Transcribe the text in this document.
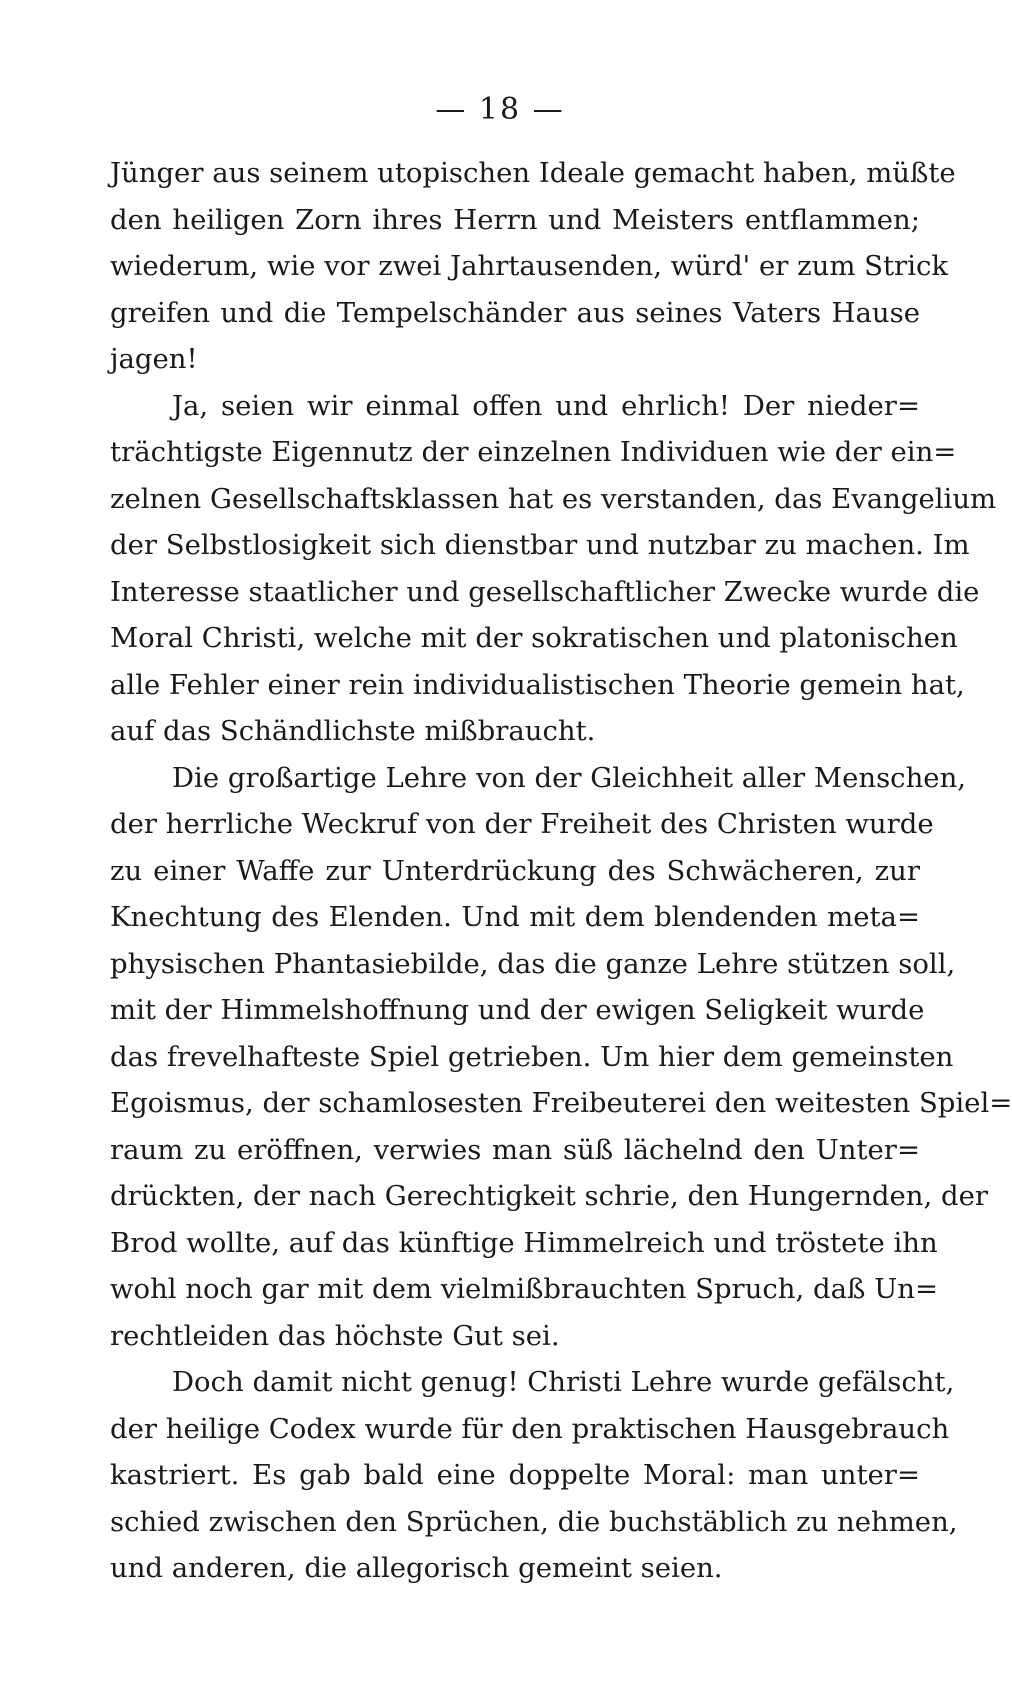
— 18 —
Jünger aus seinem utopischen Ideale gemacht haben, müßte
den heiligen Zorn ihres Herrn und Meisters entflammen;
wiederum, wie vor zwei Jahrtausenden, würd' er zum Strick
greifen und die Tempelschänder aus seines Vaters Hause
jagen!
Ja, seien wir einmal offen und ehrlich! Der nieder=
trächtigste Eigennutz der einzelnen Individuen wie der ein=
zelnen Gesellschaftsklassen hat es verstanden, das Evangelium
der Selbstlosigkeit sich dienstbar und nutzbar zu machen. Im
Interesse staatlicher und gesellschaftlicher Zwecke wurde die
Moral Christi, welche mit der sokratischen und platonischen
alle Fehler einer rein individualistischen Theorie gemein hat,
auf das Schändlichste mißbraucht.
Die großartige Lehre von der Gleichheit aller Menschen,
der herrliche Weckruf von der Freiheit des Christen wurde
zu einer Waffe zur Unterdrückung des Schwächeren, zur
Knechtung des Elenden. Und mit dem blendenden meta=
physischen Phantasiebilde, das die ganze Lehre stützen soll,
mit der Himmelshoffnung und der ewigen Seligkeit wurde
das frevelhafteste Spiel getrieben. Um hier dem gemeinsten
Egoismus, der schamlosesten Freibeuterei den weitesten Spiel=
raum zu eröffnen, verwies man süß lächelnd den Unter=
drückten, der nach Gerechtigkeit schrie, den Hungernden, der
Brod wollte, auf das künftige Himmelreich und tröstete ihn
wohl noch gar mit dem vielmißbrauchten Spruch, daß Un=
rechtleiden das höchste Gut sei.
Doch damit nicht genug! Christi Lehre wurde gefälscht,
der heilige Codex wurde für den praktischen Hausgebrauch
kastriert. Es gab bald eine doppelte Moral: man unter=
schied zwischen den Sprüchen, die buchstäblich zu nehmen,
und anderen, die allegorisch gemeint seien.
